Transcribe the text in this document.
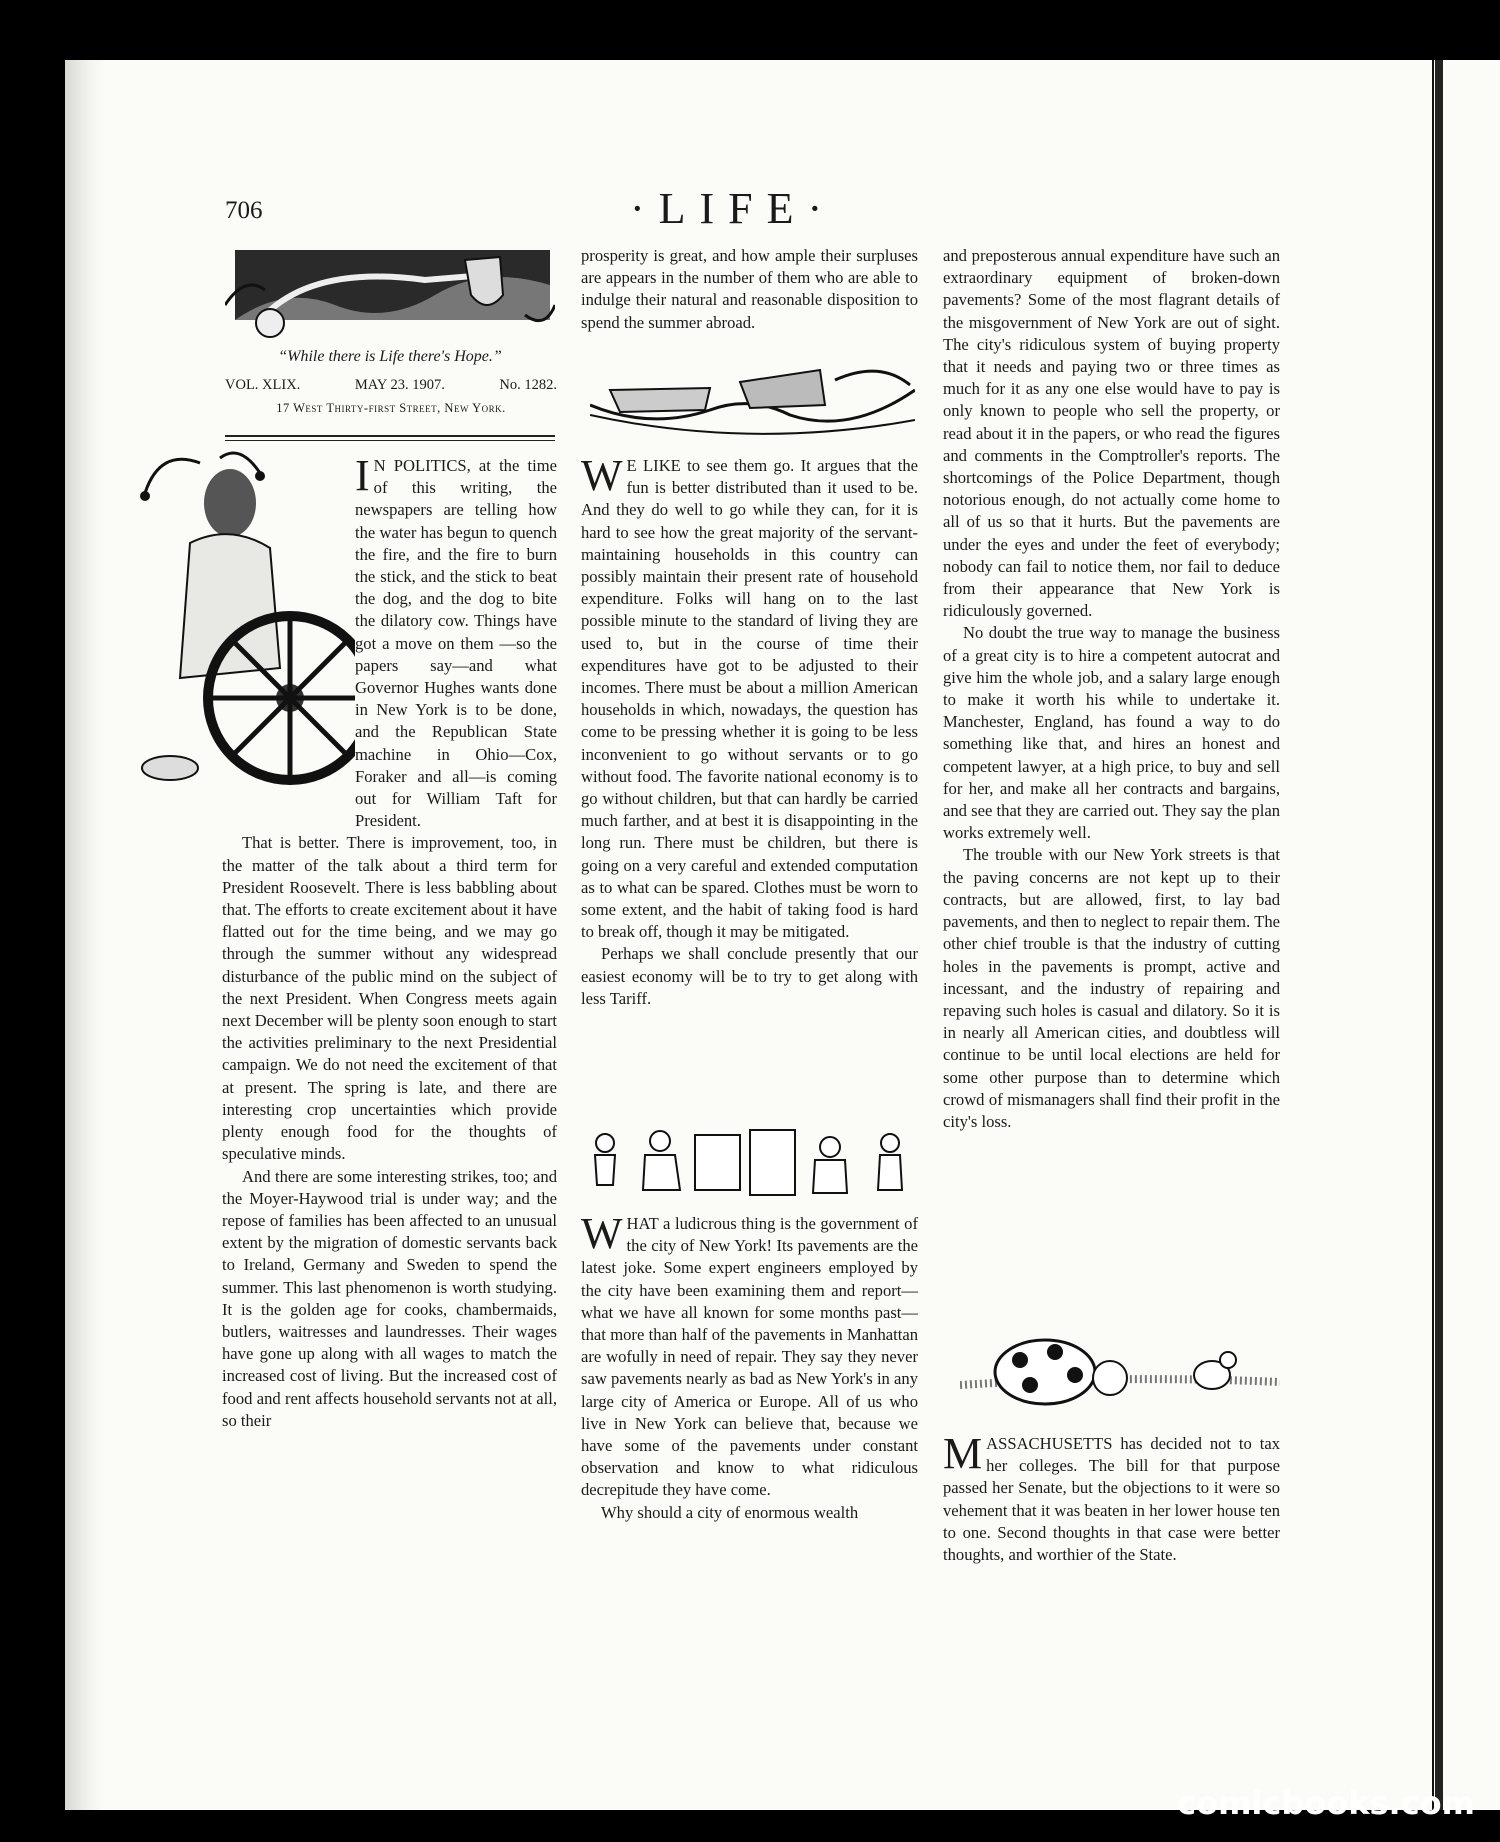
706	·LIFE·
“While there is Life there's Hope.”
VOL. XLIX.	MAY 23. 1907.	No. 1282.
17 West Thirty-first Street, New York.

I N POLITICS, at the time of this writing, the newspapers are telling how the water has begun to quench the fire, and the fire to burn the stick, and the stick to beat the dog, and the dog to bite the dilatory cow. Things have got a move on them —so the papers say—and what Governor Hughes wants done in New York is to be done, and the Republican State machine in Ohio—Cox, Foraker and all—is coming out for William Taft for President.

That is better. There is improvement, too, in the matter of the talk about a third term for President Roosevelt. There is less babbling about that. The efforts to create excitement about it have flatted out for the time being, and we may go through the summer without any widespread disturbance of the public mind on the subject of the next President. When Congress meets again next December will be plenty soon enough to start the activities preliminary to the next Presidential campaign. We do not need the excitement of that at present. The spring is late, and there are interesting crop uncertainties which provide plenty enough food for the thoughts of speculative minds.

And there are some interesting strikes, too; and the Moyer-Haywood trial is under way; and the repose of families has been affected to an unusual extent by the migration of domestic servants back to Ireland, Germany and Sweden to spend the summer. This last phenomenon is worth studying. It is the golden age for cooks, chambermaids, butlers, waitresses and laundresses. Their wages have gone up along with all wages to match the increased cost of living. But the increased cost of food and rent affects household servants not at all, so their

prosperity is great, and how ample their surpluses are appears in the number of them who are able to indulge their natural and reasonable disposition to spend the summer abroad.

W E LIKE to see them go. It argues that the fun is better distributed than it used to be. And they do well to go while they can, for it is hard to see how the great majority of the servant-maintaining households in this country can possibly maintain their present rate of household expenditure. Folks will hang on to the last possible minute to the standard of living they are used to, but in the course of time their expenditures have got to be adjusted to their incomes. There must be about a million American households in which, nowadays, the question has come to be pressing whether it is going to be less inconvenient to go without servants or to go without food. The favorite national economy is to go without children, but that can hardly be carried much farther, and at best it is disappointing in the long run. There must be children, but there is going on a very careful and extended computation as to what can be spared. Clothes must be worn to some extent, and the habit of taking food is hard to break off, though it may be mitigated.

Perhaps we shall conclude presently that our easiest economy will be to try to get along with less Tariff.

WHAT a ludicrous thing is the government of the city of New York! Its pavements are the latest joke. Some expert engineers employed by the city have been examining them and report—what we have all known for some months past—that more than half of the pavements in Manhattan are wofully in need of repair. They say they never saw pavements nearly as bad as New York's in any large city of America or Europe. All of us who live in New York can believe that, because we have some of the pavements under constant observation and know to what ridiculous decrepitude they have come.

Why should a city of enormous wealth

and preposterous annual expenditure have such an extraordinary equipment of broken-down pavements? Some of the most flagrant details of the misgovernment of New York are out of sight. The city's ridiculous system of buying property that it needs and paying two or three times as much for it as any one else would have to pay is only known to people who sell the property, or read about it in the papers, or who read the figures and comments in the Comptroller's reports. The shortcomings of the Police Department, though notorious enough, do not actually come home to all of us so that it hurts. But the pavements are under the eyes and under the feet of everybody; nobody can fail to notice them, nor fail to deduce from their appearance that New York is ridiculously governed.

No doubt the true way to manage the business of a great city is to hire a competent autocrat and give him the whole job, and a salary large enough to make it worth his while to undertake it. Manchester, England, has found a way to do something like that, and hires an honest and competent lawyer, at a high price, to buy and sell for her, and make all her contracts and bargains, and see that they are carried out. They say the plan works extremely well.

The trouble with our New York streets is that the paving concerns are not kept up to their contracts, but are allowed, first, to lay bad pavements, and then to neglect to repair them. The other chief trouble is that the industry of cutting holes in the pavements is prompt, active and incessant, and the industry of repairing and repaving such holes is casual and dilatory. So it is in nearly all American cities, and doubtless will continue to be until local elections are held for some other purpose than to determine which crowd of mismanagers shall find their profit in the city's loss.

MASSACHUSETTS has decided not to tax her colleges. The bill for that purpose passed her Senate, but the objections to it were so vehement that it was beaten in her lower house ten to one. Second thoughts in that case were better thoughts, and worthier of the State.

comicbooks.com
